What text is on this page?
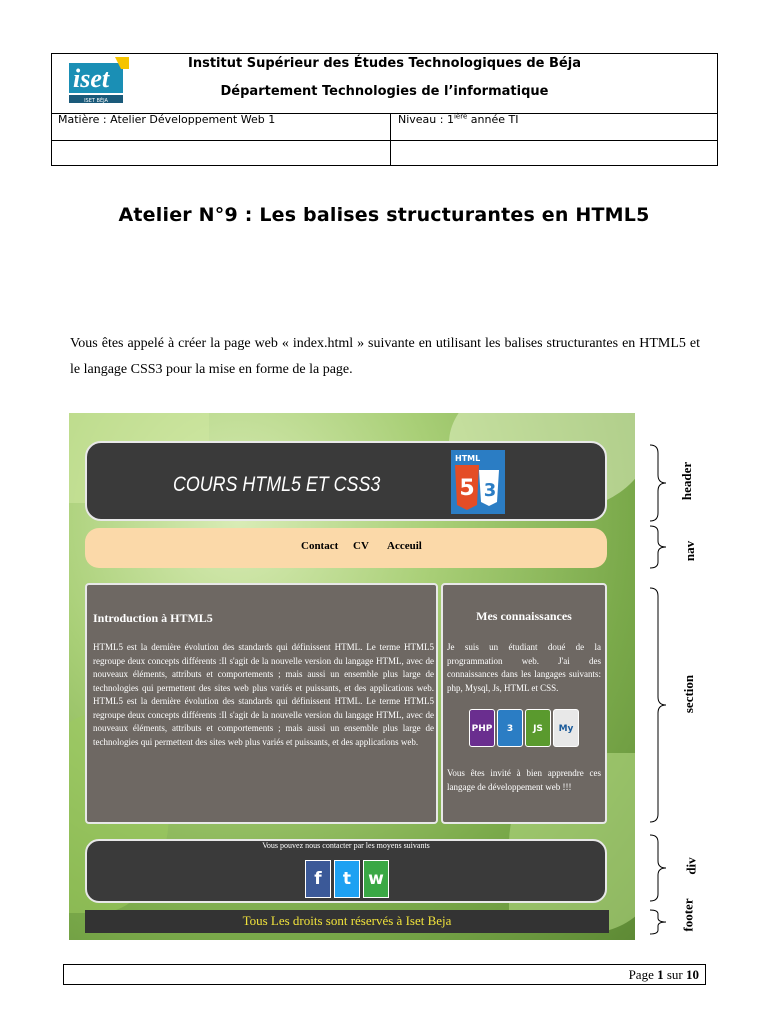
iset
ISET BÉJA
Institut Supérieur des Études Technologiques de Béja
Département Technologies de l’informatique
Matière : Atelier Développement Web 1	Niveau : $1^{ière}$ année TI
Atelier N°9 : Les balises structurantes en HTML5
Vous êtes appelé à créer la page web « index.html » suivante en utilisant les balises structurantes en HTML5 et le langage CSS3 pour la mise en forme de la page.
COURS HTML5 ET CSS3
HTML
5 3
Contact CV Acceuil
Introduction à HTML5
HTML5 est la dernière évolution des standards qui définissent HTML. Le terme HTML5 regroupe deux concepts différents :Il s'agit de la nouvelle version du langage HTML, avec de nouveaux éléments, attributs et comportements ; mais aussi un ensemble plus large de technologies qui permettent des sites web plus variés et puissants, et des applications web. HTML5 est la dernière évolution des standards qui définissent HTML. Le terme HTML5 regroupe deux concepts différents :Il s'agit de la nouvelle version du langage HTML, avec de nouveaux éléments, attributs et comportements ; mais aussi un ensemble plus large de technologies qui permettent des sites web plus variés et puissants, et des applications web.
Mes connaissances
Je suis un étudiant doué de la programmation web. J'ai des connaissances dans les langages suivants: php, Mysql, Js, HTML et CSS.
PHP	3	JS	My
Vous êtes invité à bien apprendre ces langage de développement web !!!
Vous pouvez nous contacter par les moyens suivants
f	t	w
Tous Les droits sont réservés à Iset Beja
header
nav
section
div
footer
Page 1 sur 10
